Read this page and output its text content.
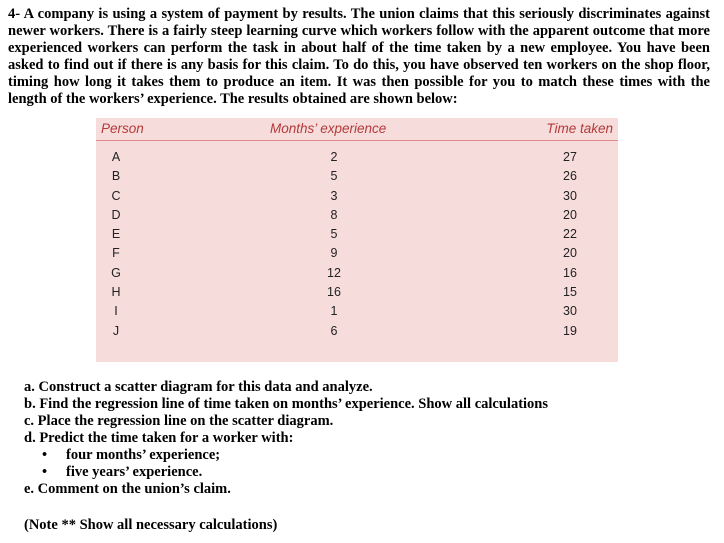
4- A company is using a system of payment by results. The union claims that this seriously discriminates against newer workers. There is a fairly steep learning curve which workers follow with the apparent outcome that more experienced workers can perform the task in about half of the time taken by a new employee. You have been asked to find out if there is any basis for this claim. To do this, you have observed ten workers on the shop floor, timing how long it takes them to produce an item. It was then possible for you to match these times with the length of the workers’ experience. The results obtained are shown below:

Person	Months’ experience	Time taken
A	2	27
B	5	26
C	3	30
D	8	20
E	5	22
F	9	20
G	12	16
H	16	15
I	1	30
J	6	19
a. Construct a scatter diagram for this data and analyze.
b. Find the regression line of time taken on months’ experience. Show all calculations
c. Place the regression line on the scatter diagram.
d. Predict the time taken for a worker with:
• four months’ experience;
• five years’ experience.
e. Comment on the union’s claim.
(Note ** Show all necessary calculations)
